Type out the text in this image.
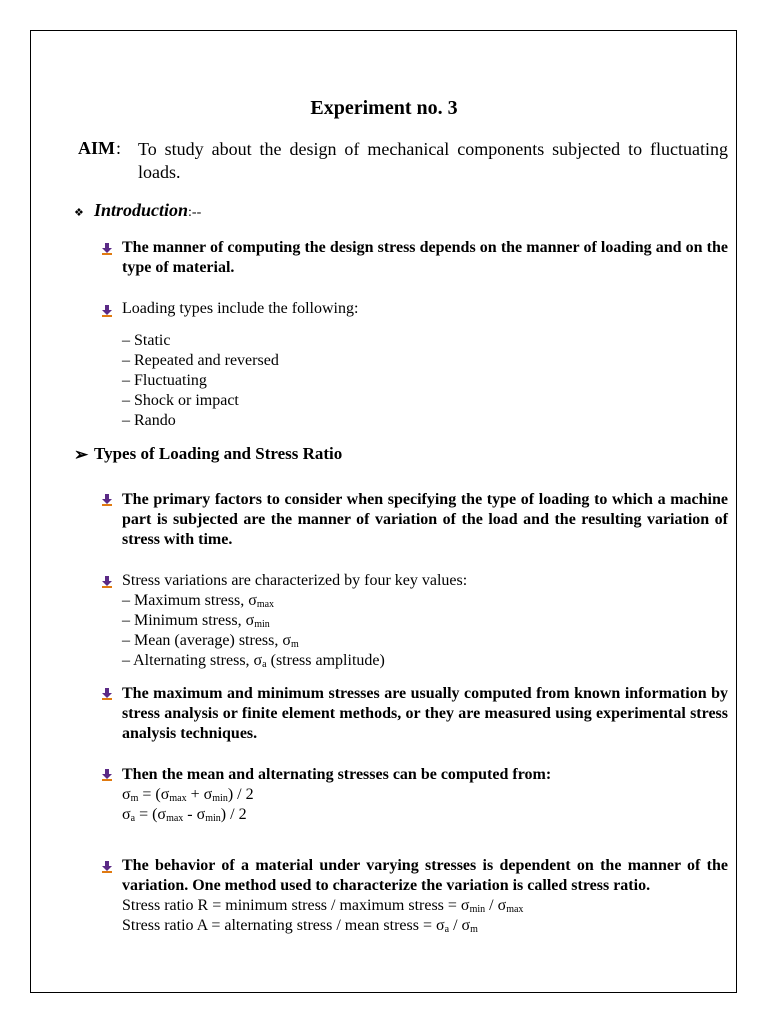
Experiment no. 3
AIM : To study about the design of mechanical components subjected to fluctuating loads.
❖ Introduction:--
The manner of computing the design stress depends on the manner of loading and on the type of material.
Loading types include the following:
– Static
– Repeated and reversed
– Fluctuating
– Shock or impact
– Rando
➢ Types of Loading and Stress Ratio
The primary factors to consider when specifying the type of loading to which a machine part is subjected are the manner of variation of the load and the resulting variation of stress with time.
Stress variations are characterized by four key values:
– Maximum stress, $\sigma_{max}$
– Minimum stress, $\sigma_{min}$
– Mean (average) stress, $\sigma_m$
– Alternating stress, $\sigma_a$ (stress amplitude)
The maximum and minimum stresses are usually computed from known information by stress analysis or finite element methods, or they are measured using experimental stress analysis techniques.
Then the mean and alternating stresses can be computed from:
$\sigma_m = (\sigma_{max} + \sigma_{min}) / 2$
$\sigma_a = (\sigma_{max} - \sigma_{min}) / 2$
The behavior of a material under varying stresses is dependent on the manner of the
variation. One method used to characterize the variation is called stress ratio.
Stress ratio R = minimum stress / maximum stress = $\sigma_{min} / \sigma_{max}$
Stress ratio A = alternating stress / mean stress = $\sigma_a / \sigma_m$
